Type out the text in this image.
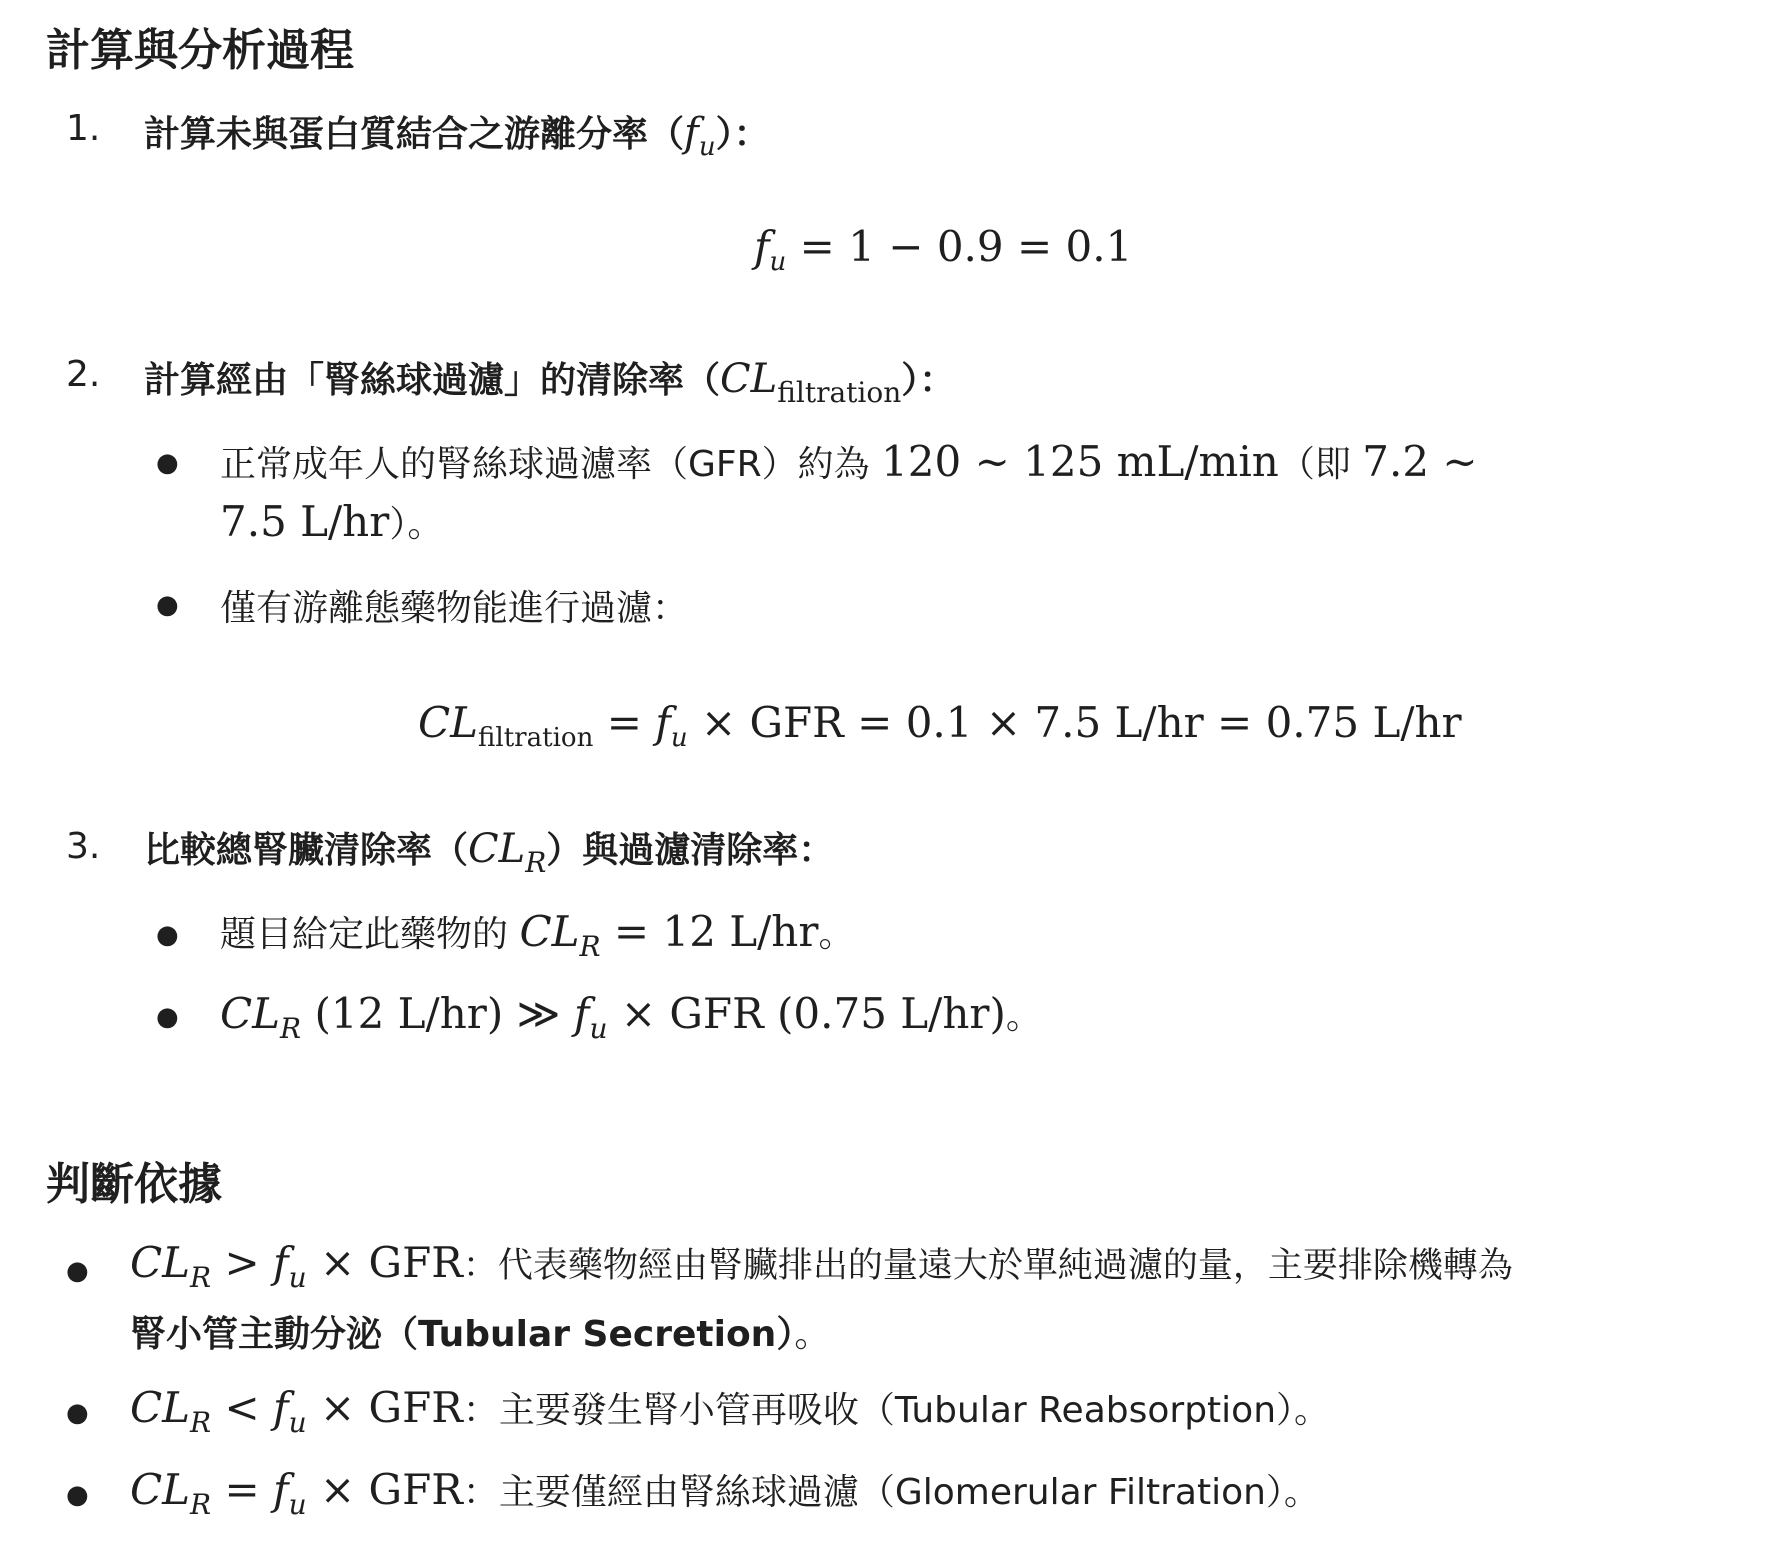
計算與分析過程
1. 計算未與蛋白質結合之游離分率$(f_u)$：
$f_u = 1 - 0.9 = 0.1$
2. 計算經由「腎絲球過濾」的清除率$(CL_{filtration})$：
● 正常成年人的腎絲球過濾率（GFR）約為 120 ∼ 125 mL/min（即 7.2 ∼
7.5 L/hr）。
● 僅有游離態藥物能進行過濾：
$CL_{filtration} = f_u$ × GFR = 0.1 × 7.5 L/hr = 0.75 L/hr
3. 比較總腎臟清除率$(CL_R)$與過濾清除率：
● 題目給定此藥物的 $CL_R = 12$ L/hr。
● $CL_R$ (12 L/hr) ≫ $f_u$ × GFR (0.75 L/hr)。
判斷依據
● $CL_R > f_u$ × GFR：代表藥物經由腎臟排出的量遠大於單純過濾的量，主要排除機轉為
腎小管主動分泌（Tubular Secretion）。
● $CL_R < f_u$ × GFR：主要發生腎小管再吸收（Tubular Reabsorption）。
● $CL_R = f_u$ × GFR：主要僅經由腎絲球過濾（Glomerular Filtration）。
